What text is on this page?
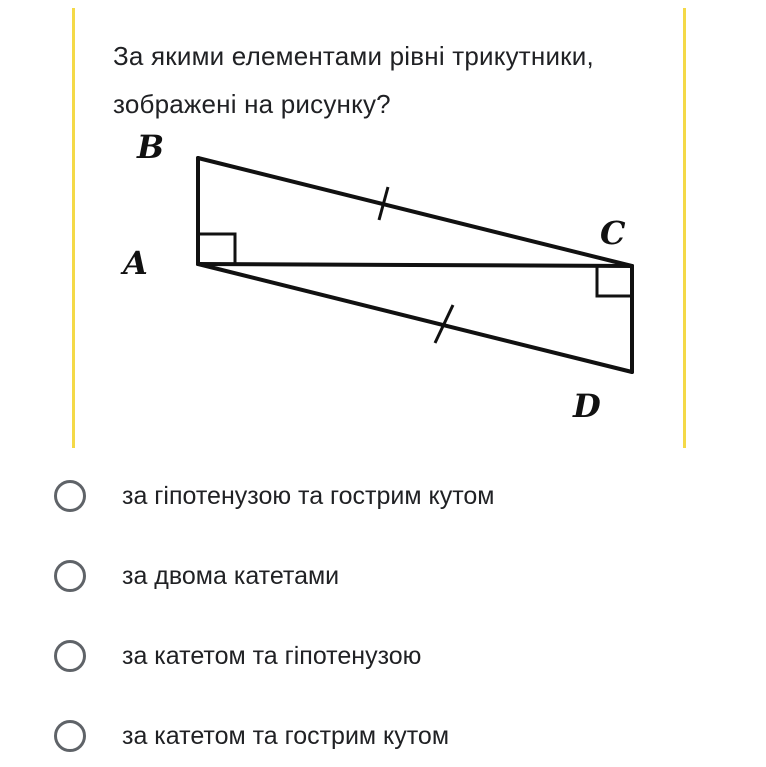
За якими елементами рівні трикутники, зображені на рисунку?

B
A
C
D
за гіпотенузою та гострим кутом
за двома катетами
за катетом та гіпотенузою
за катетом та гострим кутом
